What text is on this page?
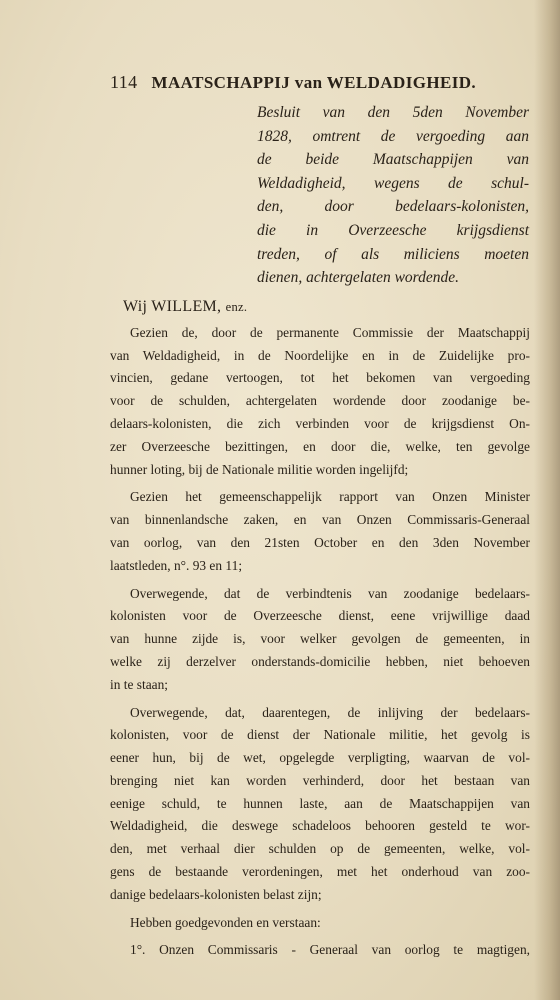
114 MAATSCHAPPIJ van WELDADIGHEID.
Besluit van den 5den November
1828, omtrent de vergoeding aan
de beide Maatschappijen van
Weldadigheid, wegens de schul-
den, door bedelaars-kolonisten,
die in Overzeesche krijgsdienst
treden, of als miliciens moeten
dienen, achtergelaten wordende.
Wij WILLEM, enz.

Gezien de, door de permanente Commissie der Maatschappij
van Weldadigheid, in de Noordelijke en in de Zuidelijke pro-
vincien, gedane vertoogen, tot het bekomen van vergoeding
voor de schulden, achtergelaten wordende door zoodanige be-
delaars-kolonisten, die zich verbinden voor de krijgsdienst On-
zer Overzeesche bezittingen, en door die, welke, ten gevolge
hunner loting, bij de Nationale militie worden ingelijfd;

Gezien het gemeenschappelijk rapport van Onzen Minister
van binnenlandsche zaken, en van Onzen Commissaris-Generaal
van oorlog, van den 21sten October en den 3den November
laatstleden, n°. 93 en 11;

Overwegende, dat de verbindtenis van zoodanige bedelaars-
kolonisten voor de Overzeesche dienst, eene vrijwillige daad
van hunne zijde is, voor welker gevolgen de gemeenten, in
welke zij derzelver onderstands-domicilie hebben, niet behoeven
in te staan;

Overwegende, dat, daarentegen, de inlijving der bedelaars-
kolonisten, voor de dienst der Nationale militie, het gevolg is
eener hun, bij de wet, opgelegde verpligting, waarvan de vol-
brenging niet kan worden verhinderd, door het bestaan van
eenige schuld, te hunnen laste, aan de Maatschappijen van
Weldadigheid, die deswege schadeloos behooren gesteld te wor-
den, met verhaal dier schulden op de gemeenten, welke, vol-
gens de bestaande verordeningen, met het onderhoud van zoo-
danige bedelaars-kolonisten belast zijn;

Hebben goedgevonden en verstaan:

1°. Onzen Commissaris - Generaal van oorlog te magtigen,
